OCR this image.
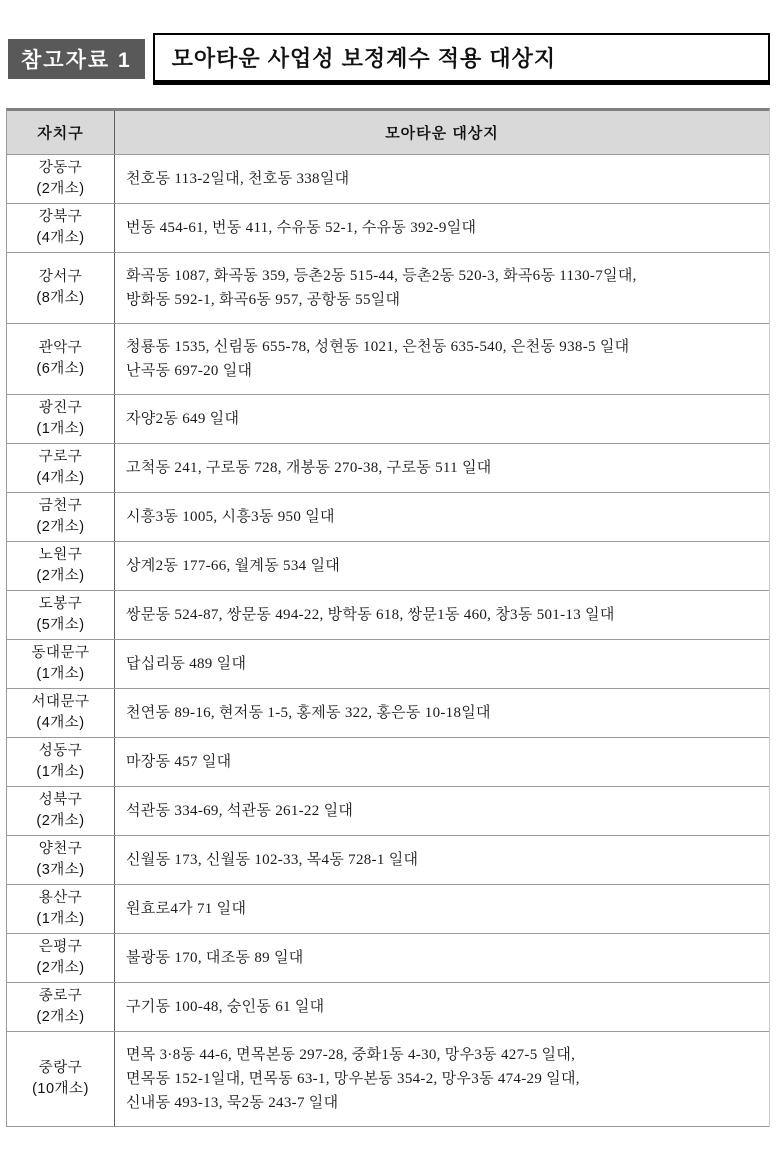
참고자료 1	모아타운 사업성 보정계수 적용 대상지
자치구	모아타운 대상지
강동구
(2개소)
천호동 113-2일대, 천호동 338일대
강북구
(4개소)
번동 454-61, 번동 411, 수유동 52-1, 수유동 392-9일대
강서구
(8개소)
화곡동 1087, 화곡동 359, 등촌2동 515-44, 등촌2동 520-3, 화곡6동 1130-7일대,
방화동 592-1, 화곡6동 957, 공항동 55일대
관악구
(6개소)
청룡동 1535, 신림동 655-78, 성현동 1021, 은천동 635-540, 은천동 938-5 일대
난곡동 697-20 일대
광진구
(1개소)
자양2동 649 일대
구로구
(4개소)
고척동 241, 구로동 728, 개봉동 270-38, 구로동 511 일대
금천구
(2개소)
시흥3동 1005, 시흥3동 950 일대
노원구
(2개소)
상계2동 177-66, 월계동 534 일대
도봉구
(5개소)
쌍문동 524-87, 쌍문동 494-22, 방학동 618, 쌍문1동 460, 창3동 501-13 일대
동대문구
(1개소)
답십리동 489 일대
서대문구
(4개소)
천연동 89-16, 현저동 1-5, 홍제동 322, 홍은동 10-18일대
성동구
(1개소)
마장동 457 일대
성북구
(2개소)
석관동 334-69, 석관동 261-22 일대
양천구
(3개소)
신월동 173, 신월동 102-33, 목4동 728-1 일대
용산구
(1개소)
원효로4가 71 일대
은평구
(2개소)
불광동 170, 대조동 89 일대
종로구
(2개소)
구기동 100-48, 숭인동 61 일대
중랑구
(10개소)
면목 3·8동 44-6, 면목본동 297-28, 중화1동 4-30, 망우3동 427-5 일대,
면목동 152-1일대, 면목동 63-1, 망우본동 354-2, 망우3동 474-29 일대,
신내동 493-13, 묵2동 243-7 일대
